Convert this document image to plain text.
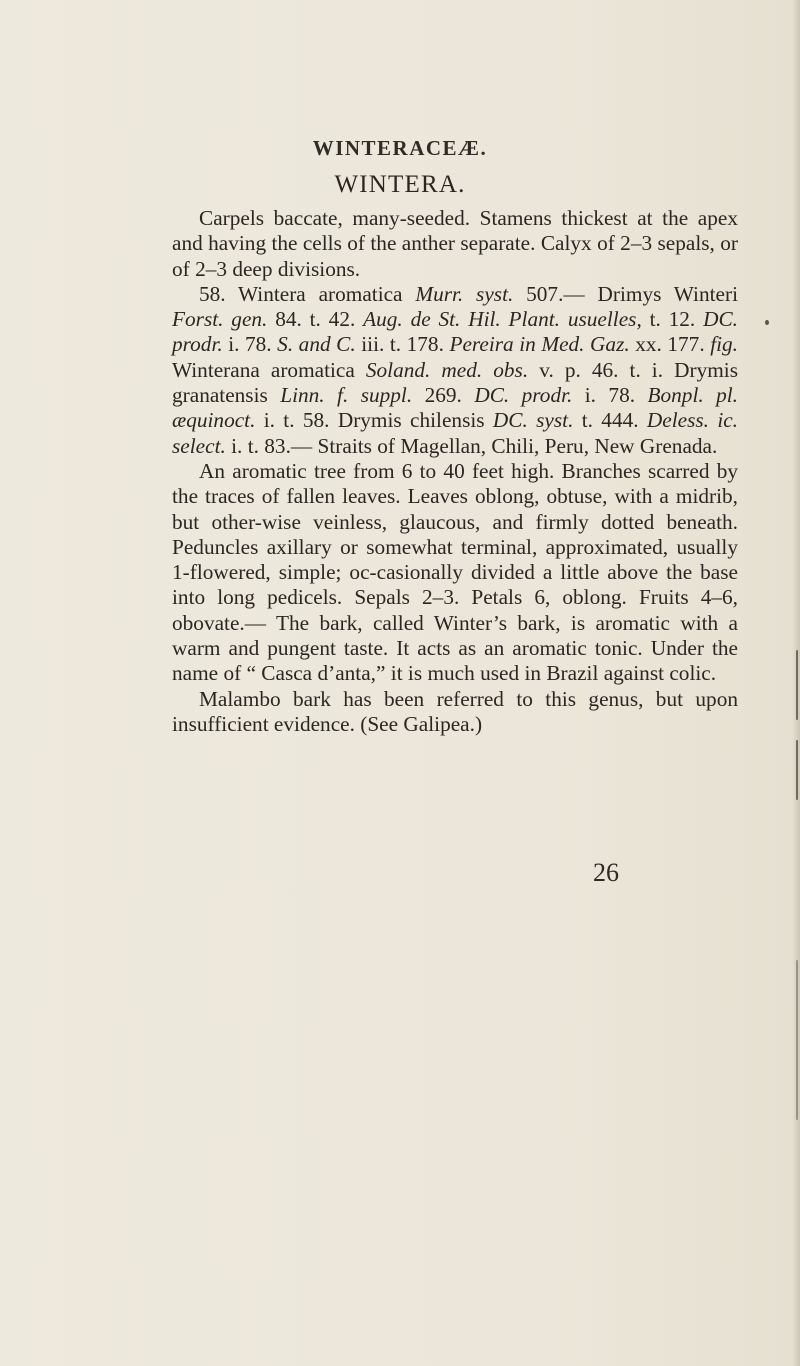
WINTERACEÆ.
WINTERA.

Carpels baccate, many-seeded. Stamens thickest at the apex and having the cells of the anther separate. Calyx of 2–3 sepals, or of 2–3 deep divisions.

58. Wintera aromatica Murr. syst. 507.— Drimys Winteri Forst. gen. 84. t. 42. Aug. de St. Hil. Plant. usuelles, t. 12. DC. prodr. i. 78. S. and C. iii. t. 178. Pereira in Med. Gaz. xx. 177. fig. Winterana aromatica Soland. med. obs. v. p. 46. t. i. Drymis granatensis Linn. f. suppl. 269. DC. prodr. i. 78. Bonpl. pl. æquinoct. i. t. 58. Drymis chilensis DC. syst. t. 444. Deless. ic. select. i. t. 83.— Straits of Magellan, Chili, Peru, New Grenada.

An aromatic tree from 6 to 40 feet high. Branches scarred by the traces of fallen leaves. Leaves oblong, obtuse, with a midrib, but other-wise veinless, glaucous, and firmly dotted beneath. Peduncles axillary or somewhat terminal, approximated, usually 1-flowered, simple; oc-casionally divided a little above the base into long pedicels. Sepals 2–3. Petals 6, oblong. Fruits 4–6, obovate.— The bark, called Winter’s bark, is aromatic with a warm and pungent taste. It acts as an aromatic tonic. Under the name of “ Casca d’anta,” it is much used in Brazil against colic.

Malambo bark has been referred to this genus, but upon insufficient evidence. (See Galipea.)

26
